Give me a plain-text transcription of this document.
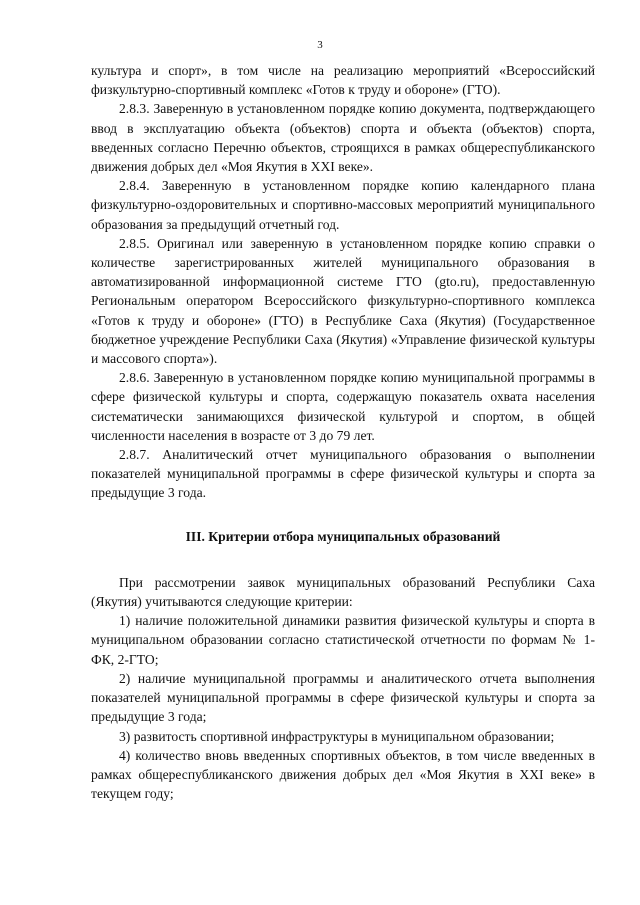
3

культура и спорт», в том числе на реализацию мероприятий «Всероссийский физкультурно-спортивный комплекс «Готов к труду и обороне» (ГТО).

2.8.3. Заверенную в установленном порядке копию документа, подтверждающего ввод в эксплуатацию объекта (объектов) спорта и объекта (объектов) спорта, введенных согласно Перечню объектов, строящихся в рамках общереспубликанского движения добрых дел «Моя Якутия в XXI веке».

2.8.4. Заверенную в установленном порядке копию календарного плана физкультурно-оздоровительных и спортивно-массовых мероприятий муниципального образования за предыдущий отчетный год.

2.8.5. Оригинал или заверенную в установленном порядке копию справки о количестве зарегистрированных жителей муниципального образования в автоматизированной информационной системе ГТО (gto.ru), предоставленную Региональным оператором Всероссийского физкультурно-спортивного комплекса «Готов к труду и обороне» (ГТО) в Республике Саха (Якутия) (Государственное бюджетное учреждение Республики Саха (Якутия) «Управление физической культуры и массового спорта»).

2.8.6. Заверенную в установленном порядке копию муниципальной программы в сфере физической культуры и спорта, содержащую показатель охвата населения систематически занимающихся физической культурой и спортом, в общей численности населения в возрасте от 3 до 79 лет.

2.8.7. Аналитический отчет муниципального образования о выполнении показателей муниципальной программы в сфере физической культуры и спорта за предыдущие 3 года.

III. Критерии отбора муниципальных образований

При рассмотрении заявок муниципальных образований Республики Саха (Якутия) учитываются следующие критерии:

1) наличие положительной динамики развития физической культуры и спорта в муниципальном образовании согласно статистической отчетности по формам № 1-ФК, 2-ГТО;

2) наличие муниципальной программы и аналитического отчета выполнения показателей муниципальной программы в сфере физической культуры и спорта за предыдущие 3 года;

3) развитость спортивной инфраструктуры в муниципальном образовании;

4) количество вновь введенных спортивных объектов, в том числе введенных в рамках общереспубликанского движения добрых дел «Моя Якутия в XXI веке» в текущем году;
